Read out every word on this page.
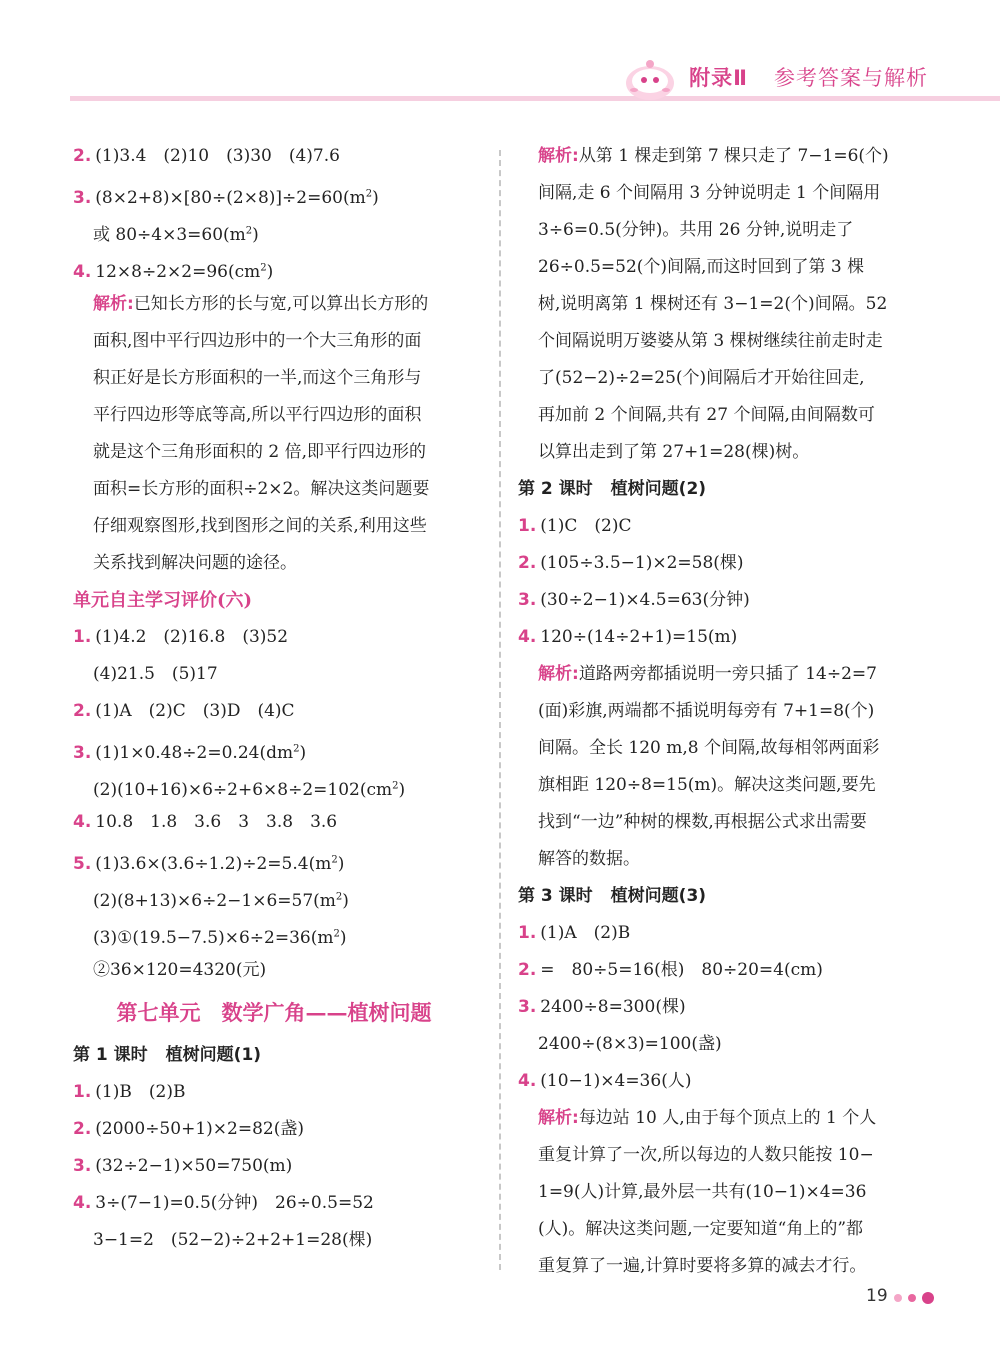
附录Ⅱ 参考答案与解析
2. (1)3.4　(2)10　(3)30　(4)7.6
3. $(8\times 2+8)\times[80\div(2\times 8)]\div 2=60(m^2)$
或 $80\div 4\times 3=60(m^2)$
4. $12\times 8\div 2\times 2=96(cm^2)$
解析:已知长方形的长与宽,可以算出长方形的
面积,图中平行四边形中的一个大三角形的面
积正好是长方形面积的一半,而这个三角形与
平行四边形等底等高,所以平行四边形的面积
就是这个三角形面积的 2 倍,即平行四边形的
面积=长方形的面积÷2×2。解决这类问题要
仔细观察图形,找到图形之间的关系,利用这些
关系找到解决问题的途径。
单元自主学习评价(六)
1. (1)4.2　(2)16.8　(3)52
(4)21.5　(5)17
2. (1)A　(2)C　(3)D　(4)C
3. $(1)1\times 0.48\div 2=0.24(dm^2)$
$(2)(10+16)\times 6\div 2+6\times 8\div 2=102(cm^2)$
4. 10.8　1.8　3.6　3　3.8　3.6
5. $(1)3.6\times(3.6\div 1.2)\div 2=5.4(m^2)$
$(2)(8+13)\times 6\div 2-1\times 6=57(m^2)$
$(3)①(19.5-7.5)\times 6\div 2=36(m^2)$
②36×120=4320(元)
第七单元　数学广角——植树问题
第 1 课时 植树问题(1)
1. (1)B　(2)B
2. (2000÷50+1)×2=82(盏)
3. (32÷2−1)×50=750(m)
4. 3÷(7−1)=0.5(分钟)　26÷0.5=52
3−1=2　(52−2)÷2+2+1=28(棵)
解析:从第 1 棵走到第 7 棵只走了 7−1=6(个)
间隔,走 6 个间隔用 3 分钟说明走 1 个间隔用
3÷6=0.5(分钟)。共用 26 分钟,说明走了
26÷0.5=52(个)间隔,而这时回到了第 3 棵
树,说明离第 1 棵树还有 3−1=2(个)间隔。52
个间隔说明万婆婆从第 3 棵树继续往前走时走
了(52−2)÷2=25(个)间隔后才开始往回走,
再加前 2 个间隔,共有 27 个间隔,由间隔数可
以算出走到了第 27+1=28(棵)树。
第 2 课时 植树问题(2)
1. (1)C　(2)C
2. (105÷3.5−1)×2=58(棵)
3. (30÷2−1)×4.5=63(分钟)
4. 120÷(14÷2+1)=15(m)
解析:道路两旁都插说明一旁只插了 14÷2=7
(面)彩旗,两端都不插说明每旁有 7+1=8(个)
间隔。全长 120 m,8 个间隔,故每相邻两面彩
旗相距 120÷8=15(m)。解决这类问题,要先
找到“一边”种树的棵数,再根据公式求出需要
解答的数据。
第 3 课时 植树问题(3)
1. (1)A　(2)B
2. =　80÷5=16(根)　80÷20=4(cm)
3. 2400÷8=300(棵)
2400÷(8×3)=100(盏)
4. (10−1)×4=36(人)
解析:每边站 10 人,由于每个顶点上的 1 个人
重复计算了一次,所以每边的人数只能按 10−
1=9(人)计算,最外层一共有(10−1)×4=36
(人)。解决这类问题,一定要知道“角上的”都
重复算了一遍,计算时要将多算的减去才行。
19
